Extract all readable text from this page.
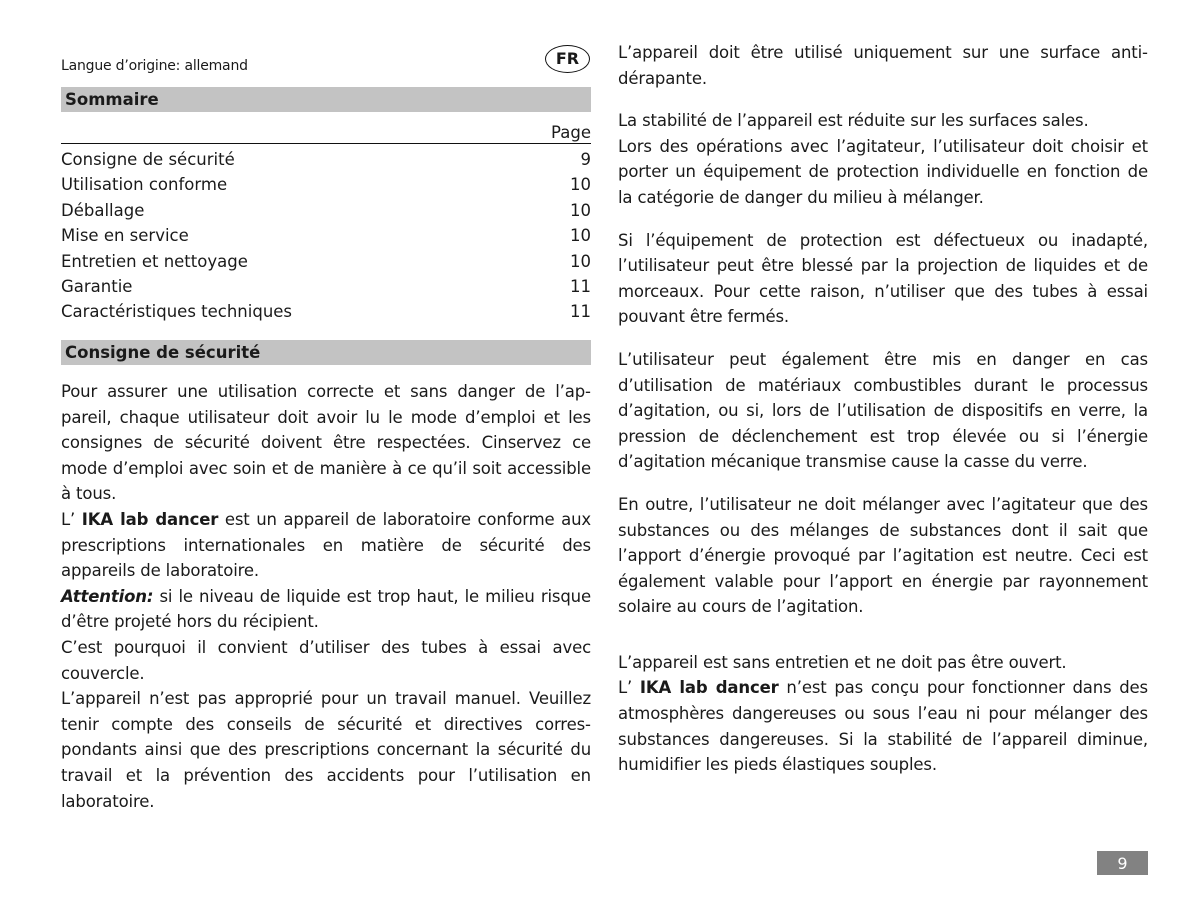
Langue d’origine: allemand	FR
Sommaire
Page
Consigne de sécurité	9
Utilisation conforme	10
Déballage	10
Mise en service	10
Entretien et nettoyage	10
Garantie	11
Caractéristiques techniques	11
Consigne de sécurité
Pour assurer une utilisation correcte et sans danger de l’appareil, chaque utilisateur doit avoir lu le mode d’emploi et les consignes de sécurité doivent être respectées. Cinservez ce mode d’emploi avec soin et de manière à ce qu’il soit accessible à tous.
L’ IKA lab dancer est un appareil de laboratoire conforme aux prescriptions internationales en matière de sécurité des appareils de laboratoire.
Attention: si le niveau de liquide est trop haut, le milieu risque d’être projeté hors du récipient.
C’est pourquoi il convient d’utiliser des tubes à essai avec couvercle.
L’appareil n’est pas approprié pour un travail manuel. Veuillez tenir compte des conseils de sécurité et directives correspondants ainsi que des prescriptions concernant la sécurité du travail et la prévention des accidents pour l’utilisation en laboratoire.
L’appareil doit être utilisé uniquement sur une surface antidérapante.
La stabilité de l’appareil est réduite sur les surfaces sales.
Lors des opérations avec l’agitateur, l’utilisateur doit choisir et porter un équipement de protection individuelle en fonction de la catégorie de danger du milieu à mélanger.
Si l’équipement de protection est défectueux ou inadapté, l’utilisateur peut être blessé par la projection de liquides et de morceaux. Pour cette raison, n’utiliser que des tubes à essai pouvant être fermés.
L’utilisateur peut également être mis en danger en cas d’utilisation de matériaux combustibles durant le processus d’agitation, ou si, lors de l’utilisation de dispositifs en verre, la pression de déclenchement est trop élevée ou si l’énergie d’agitation mécanique transmise cause la casse du verre.
En outre, l’utilisateur ne doit mélanger avec l’agitateur que des substances ou des mélanges de substances dont il sait que l’apport d’énergie provoqué par l’agitation est neutre. Ceci est également valable pour l’apport en énergie par rayonnement solaire au cours de l’agitation.
L’appareil est sans entretien et ne doit pas être ouvert.
L’ IKA lab dancer n’est pas conçu pour fonctionner dans des atmosphères dangereuses ou sous l’eau ni pour mélanger des substances dangereuses. Si la stabilité de l’appareil diminue, humidifier les pieds élastiques souples.
9
